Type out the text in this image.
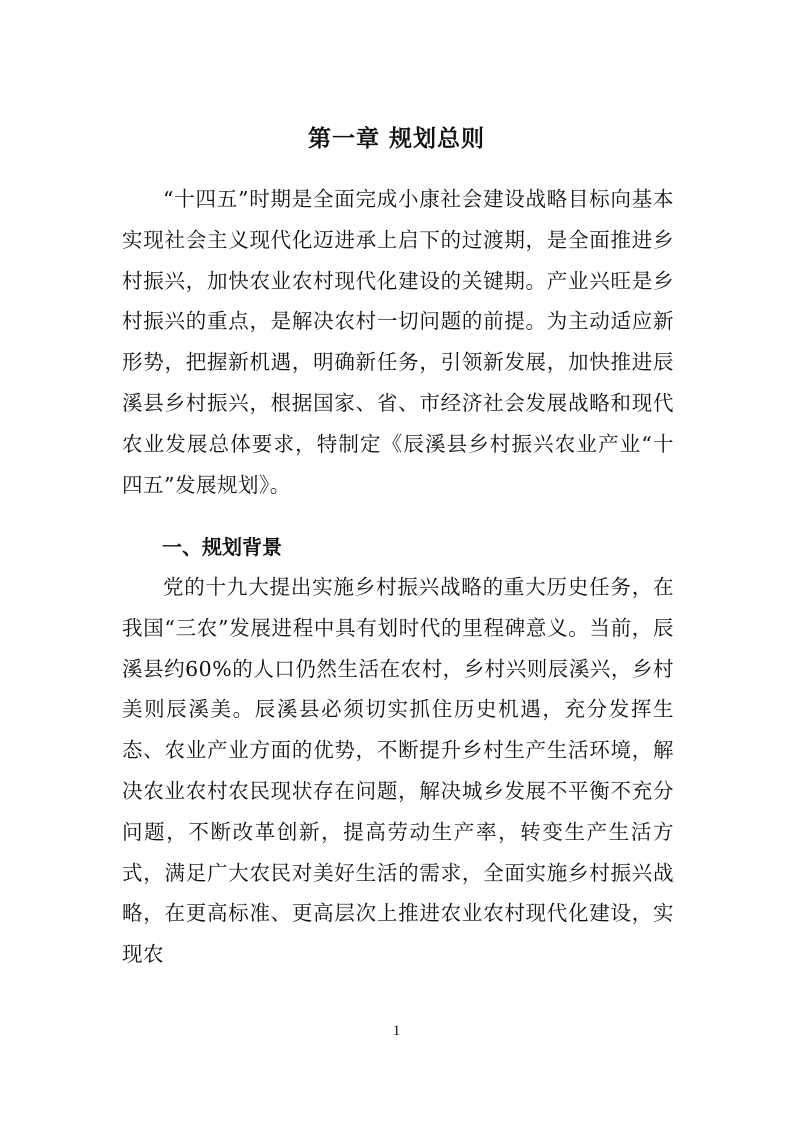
第一章 规划总则

“十四五”时期是全面完成小康社会建设战略目标向基本实现社会主义现代化迈进承上启下的过渡期，是全面推进乡村振兴，加快农业农村现代化建设的关键期。产业兴旺是乡村振兴的重点，是解决农村一切问题的前提。为主动适应新形势，把握新机遇，明确新任务，引领新发展，加快推进辰溪县乡村振兴，根据国家、省、市经济社会发展战略和现代农业发展总体要求，特制定《辰溪县乡村振兴农业产业“十四五”发展规划》。

一、规划背景

党的十九大提出实施乡村振兴战略的重大历史任务，在我国“三农”发展进程中具有划时代的里程碑意义。当前，辰溪县约60%的人口仍然生活在农村，乡村兴则辰溪兴，乡村美则辰溪美。辰溪县必须切实抓住历史机遇，充分发挥生态、农业产业方面的优势，不断提升乡村生产生活环境，解决农业农村农民现状存在问题，解决城乡发展不平衡不充分问题，不断改革创新，提高劳动生产率，转变生产生活方式，满足广大农民对美好生活的需求，全面实施乡村振兴战略，在更高标准、更高层次上推进农业农村现代化建设，实现农

1
